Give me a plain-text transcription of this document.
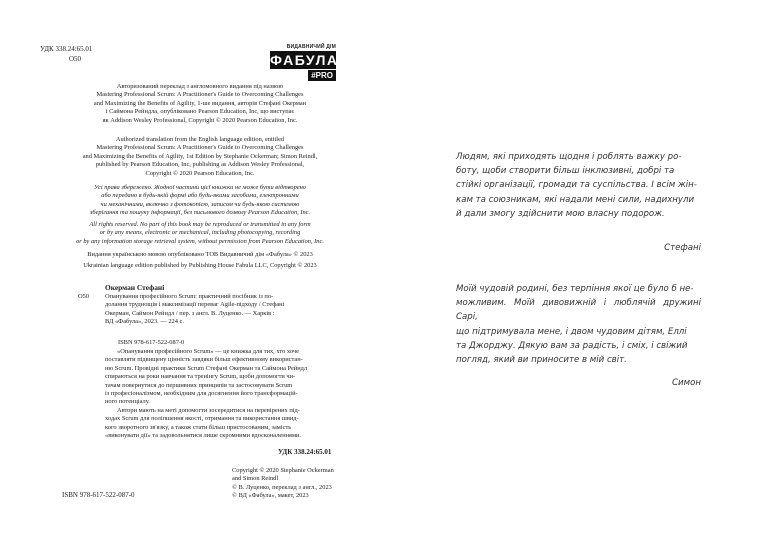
УДК 338.24:65.01
О50
ВИДАВНИЧИЙ ДІМ
ФАБУЛА
#PRO
Авторизований переклад з англомовного видання під назвою
Mastering Professional Scrum: A Practitioner's Guide to Overcoming Challenges
and Maximizing the Benefits of Agility, 1-ше видання, авторів Стефані Окерман
і Саймона Рейндла, опубліковано Pearson Education, Inc, що виступає
як Addison Wesley Professional, Copyright © 2020 Pearson Education, Inc.
Authorized translation from the English language edition, entitled
Mastering Professional Scrum: A Practitioner's Guide to Overcoming Challenges
and Maximizing the Benefits of Agility, 1st Edition by Stephanie Ockerman; Simon Reindl,
published by Pearson Education, Inc, publishing as Addison Wesley Professional,
Copyright © 2020 Pearson Education, Inc.
Усі права збережено. Жодної частини цієї книжки не може бути відтворено
або передано в будь-якій формі або будь-якими засобами, електронними
чи механічними, включно з фотокопією, записом чи будь-якою системою
зберігання та пошуку інформації, без письмового дозволу Pearson Education, Inc.
All rights reserved. No part of this book may be reproduced or transmitted in any form
or by any means, electronic or mechanical, including photocopying, recording
or by any information storage retrieval system, without permission from Pearson Education, Inc.
Видання українською мовою опубліковано ТОВ Видавничий дім «Фабула» © 2023
Ukrainian language edition published by Publishing House Fabula LLC, Copyright © 2023
Окерман Стефані
О50 Опанування професійного Scrum: практичний посібник із по-
долання труднощів і максимізації переваг Agile-підходу / Стефані
Окерман, Саймон Рейндл / пер. з англ. В. Луценко. — Харків :
ВД «Фабула», 2023. — 224 с.
ISBN 978-617-522-087-0
«Опанування професійного Scrum» — це книжка для тих, хто хоче
поставляти підвищену цінність завдяки більш ефективному використан-
ню Scrum. Провідні практики Scrum Стефані Окерман та Саймона Рейндл
спираються на роки навчання та тренінгу Scrum, щоби допомогти чи-
тачам повернутися до першивних принципів та застосовувати Scrum
із професіоналізмом, необхідним для досягнення його трансформацій-
ного потенціалу.
Автори мають на меті допомогти зосередитися на перевірених під-
ходах Scrum для поліпшення якості, отримання та використання швид-
кого зворотного зв'язку, а також стати більш пристосованим, замість
«виконувати дії» та задовольнятися лише скромними вдосконаленнями.
УДК 338.24:65.01
Copyright © 2020 Stephanie Ockerman
and Simon Reindl
© В. Луценко, переклад з англ., 2023
© ВД «Фабула», макет, 2023
ISBN 978-617-522-087-0
Людям, які приходять щодня і роблять важку ро-
боту, щоби створити більш інклюзивні, добрі та
стійкі організації, громади та суспільства. І всім жін-
кам та союзникам, які надали мені сили, надихнули
й дали змогу здійснити мою власну подорож.
Стефані
Моїй чудовій родині, без терпіння якої це було б не-
можливим. Моїй дивовижній і люблячій дружині Сарі,
що підтримувала мене, і двом чудовим дітям, Еллі
та Джорджу. Дякую вам за радість, і сміх, і свіжий
погляд, який ви приносите в мій світ.
Симон
